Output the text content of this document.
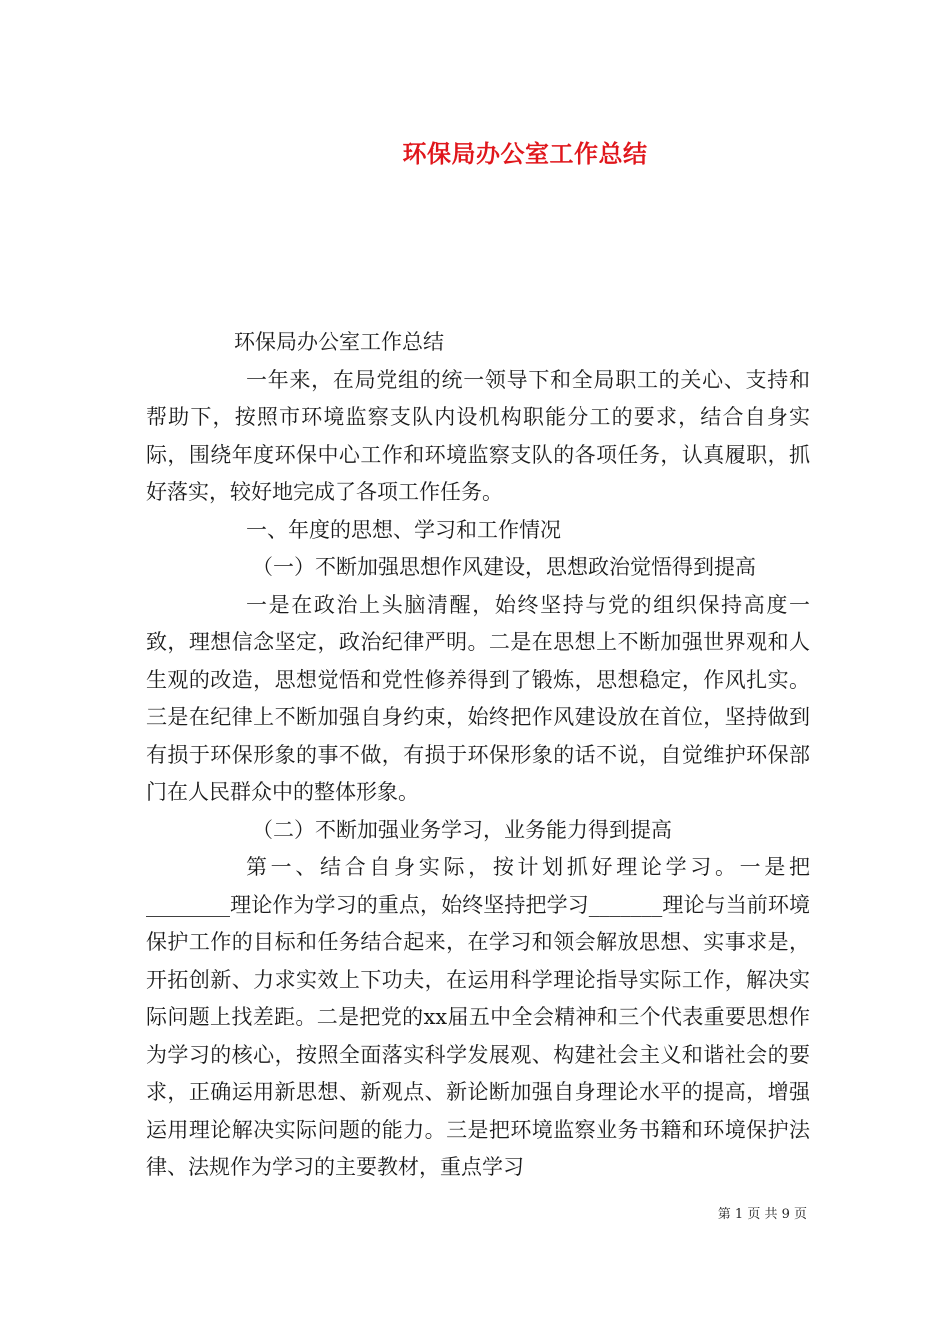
环保局办公室工作总结

环保局办公室工作总结

一年来，在局党组的统一领导下和全局职工的关心、支持和帮助下，按照市环境监察支队内设机构职能分工的要求，结合自身实际，围绕年度环保中心工作和环境监察支队的各项任务，认真履职，抓好落实，较好地完成了各项工作任务。

一、年度的思想、学习和工作情况

（一）不断加强思想作风建设，思想政治觉悟得到提高

一是在政治上头脑清醒，始终坚持与党的组织保持高度一致，理想信念坚定，政治纪律严明。二是在思想上不断加强世界观和人生观的改造，思想觉悟和党性修养得到了锻炼，思想稳定，作风扎实。三是在纪律上不断加强自身约束，始终把作风建设放在首位，坚持做到有损于环保形象的事不做，有损于环保形象的话不说，自觉维护环保部门在人民群众中的整体形象。

（二）不断加强业务学习，业务能力得到提高

第一、结合自身实际，按计划抓好理论学习。一是把________理论作为学习的重点，始终坚持把学习_______理论与当前环境保护工作的目标和任务结合起来，在学习和领会解放思想、实事求是，开拓创新、力求实效上下功夫，在运用科学理论指导实际工作，解决实际问题上找差距。二是把党的xx届五中全会精神和三个代表重要思想作为学习的核心，按照全面落实科学发展观、构建社会主义和谐社会的要求，正确运用新思想、新观点、新论断加强自身理论水平的提高，增强运用理论解决实际问题的能力。三是把环境监察业务书籍和环境保护法律、法规作为学习的主要教材，重点学习

第 1 页 共 9 页
